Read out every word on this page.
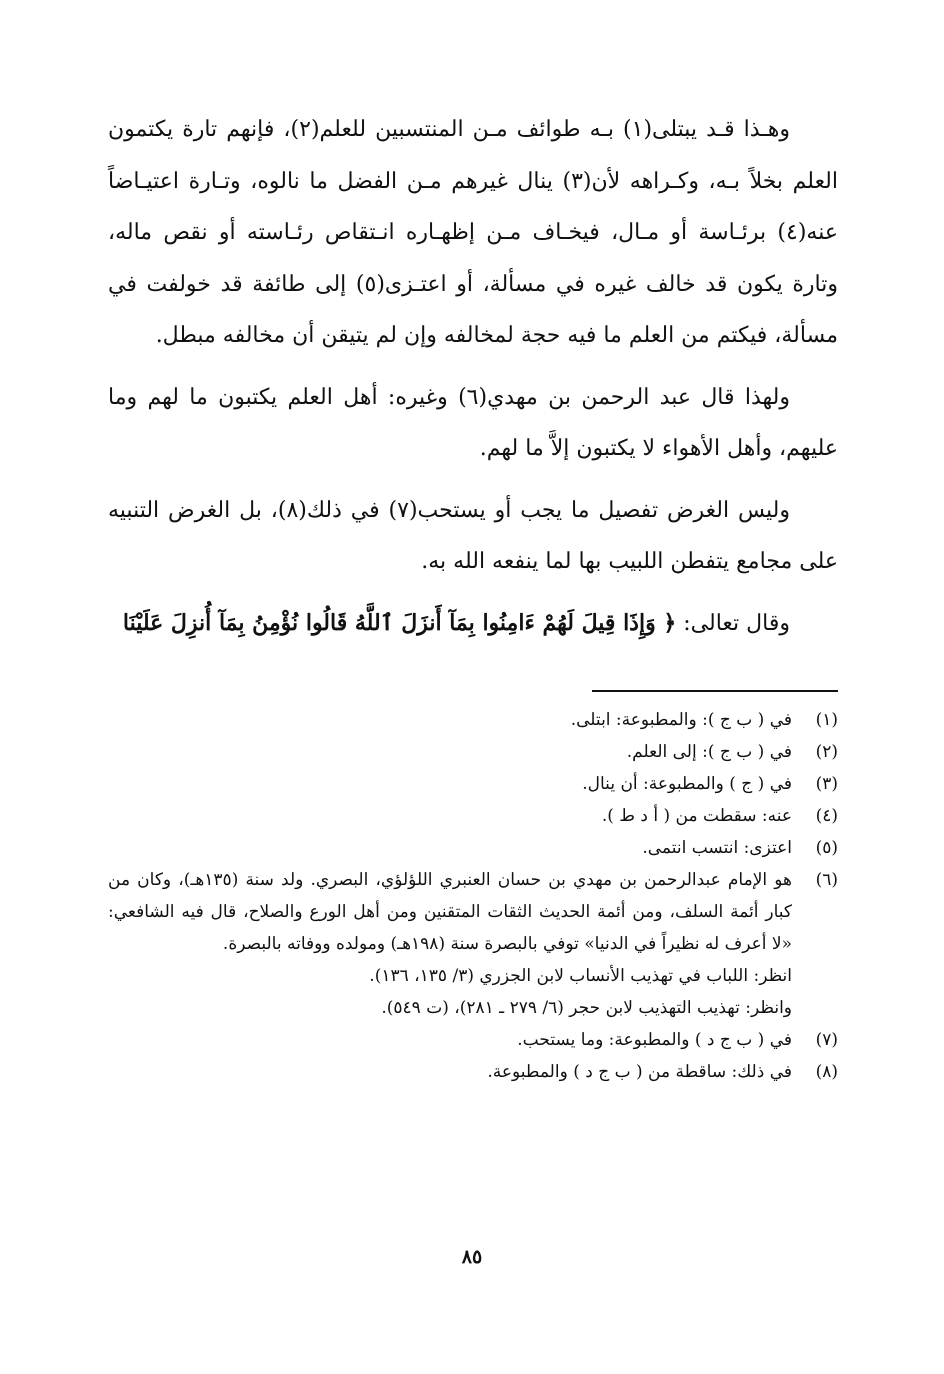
وهـذا قـد يبتلى(١) بـه طوائف مـن المنتسبين للعلم(٢)، فإنهم تارة يكتمون العلم بخلاً بـه، وكـراهه لأن(٣) ينال غيرهم مـن الفضل ما نالوه، وتـارة اعتيـاضاً عنه(٤) برئـاسة أو مـال، فيخـاف مـن إظهـاره انـتقاص رئـاسته أو نقص ماله، وتارة يكون قد خالف غيره في مسألة، أو اعتـزى(٥) إلى طائفة قد خولفت في مسألة، فيكتم من العلم ما فيه حجة لمخالفه وإن لم يتيقن أن مخالفه مبطل.

ولهذا قال عبد الرحمن بن مهدي(٦) وغيره: أهل العلم يكتبون ما لهم وما عليهم، وأهل الأهواء لا يكتبون إلاَّ ما لهم.

وليس الغرض تفصيل ما يجب أو يستحب(٧) في ذلك(٨)، بل الغرض التنبيه على مجامع يتفطن اللبيب بها لما ينفعه الله به.

وقال تعالى: ﴿ وَإِذَا قِيلَ لَهُمْ ءَامِنُوا بِمَآ أَنزَلَ ٱللَّهُ قَالُوا نُؤْمِنُ بِمَآ أُنزِلَ عَلَيْنَا

(١)
في ( ب ج ): والمطبوعة: ابتلى.
(٢)
في ( ب ج ): إلى العلم.
(٣)
في ( ج ) والمطبوعة: أن ينال.
(٤)
عنه: سقطت من ( أ د ط ).
(٥)
اعتزى: انتسب انتمى.
(٦)
هو الإمام عبدالرحمن بن مهدي بن حسان العنبري اللؤلؤي، البصري. ولد سنة (١٣٥هـ)، وكان من كبار أئمة السلف، ومن أئمة الحديث الثقات المتقنين ومن أهل الورع والصلاح، قال فيه الشافعي: «لا أعرف له نظيراً في الدنيا» توفي بالبصرة سنة (١٩٨هـ) ومولده ووفاته بالبصرة.
انظر: اللباب في تهذيب الأنساب لابن الجزري (٣/ ١٣٥، ١٣٦).
وانظر: تهذيب التهذيب لابن حجر (٦/ ٢٧٩ ـ ٢٨١)، (ت ٥٤٩).
(٧)
في ( ب ج د ) والمطبوعة: وما يستحب.
(٨)
في ذلك: ساقطة من ( ب ج د ) والمطبوعة.
٨٥
